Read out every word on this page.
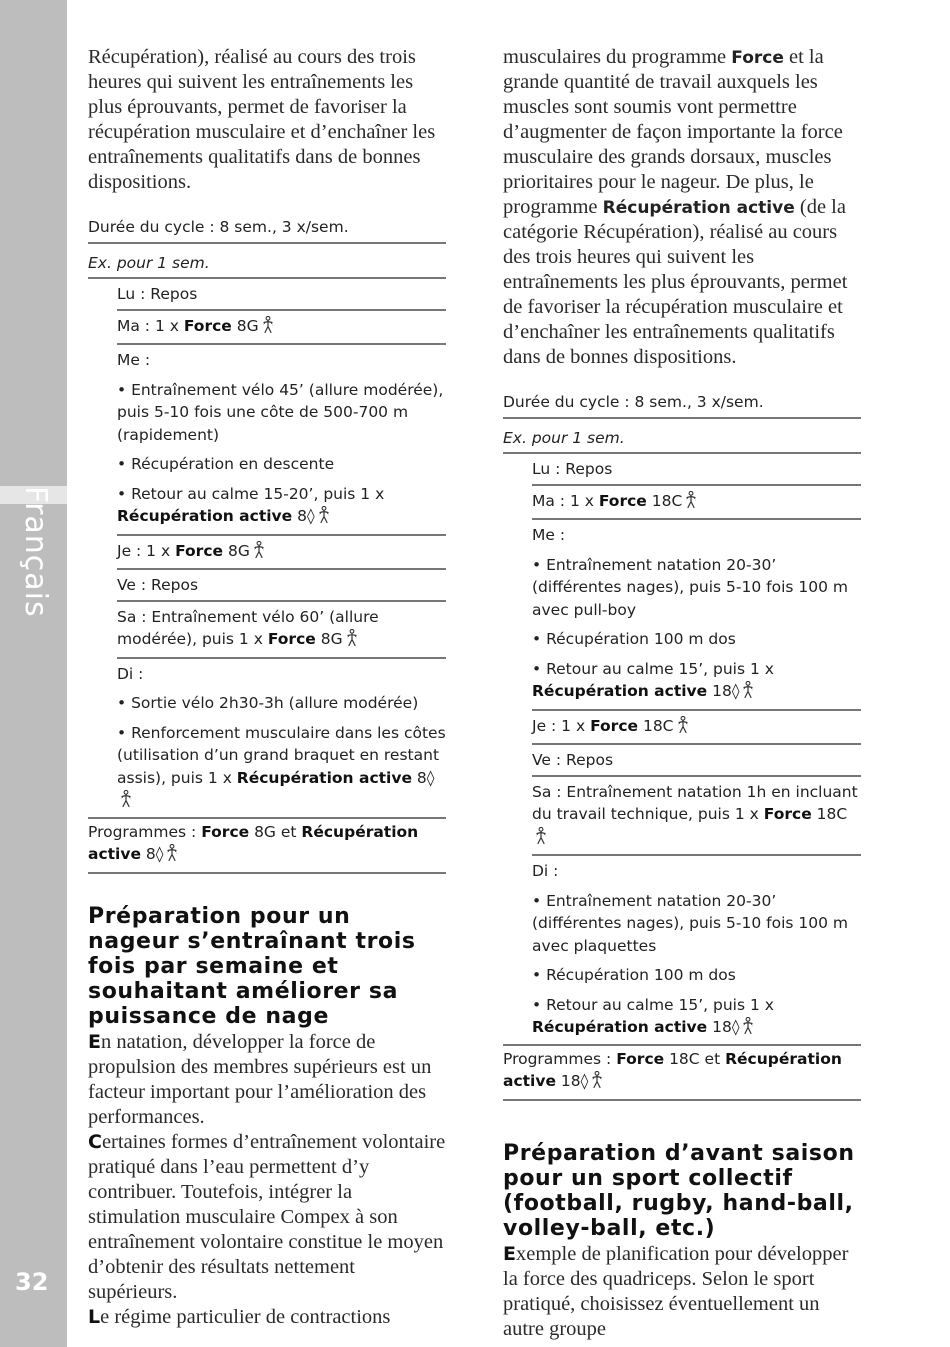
Français
32

Récupération), réalisé au cours des trois heures qui suivent les entraînements les plus éprouvants, permet de favoriser la récupération musculaire et d’enchaîner les entraînements qualitatifs dans de bonnes dispositions.

Durée du cycle : 8 sem., 3 x/sem.
Ex. pour 1 sem.
Lu : Repos
Ma : 1 x Force 8G
Me :
• Entraînement vélo 45’ (allure modérée), puis 5-10 fois une côte de 500-700 m (rapidement)
• Récupération en descente
• Retour au calme 15-20’, puis 1 x Récupération active 8◊
Je : 1 x Force 8G
Ve : Repos
Sa : Entraînement vélo 60’ (allure modérée), puis 1 x Force 8G
Di :
• Sortie vélo 2h30-3h (allure modérée)
• Renforcement musculaire dans les côtes (utilisation d’un grand braquet en restant assis), puis 1 x Récupération active 8◊
Programmes : Force 8G et Récupération active 8◊
Préparation pour un nageur s’entraînant trois fois par semaine et souhaitant améliorer sa puissance de nage

En natation, développer la force de propulsion des membres supérieurs est un facteur important pour l’amélioration des performances.

Certaines formes d’entraînement volontaire pratiqué dans l’eau permettent d’y contribuer. Toutefois, intégrer la stimulation musculaire Compex à son entraînement volontaire constitue le moyen d’obtenir des résultats nettement supérieurs.

Le régime particulier de contractions

musculaires du programme Force et la grande quantité de travail auxquels les muscles sont soumis vont permettre d’augmenter de façon importante la force musculaire des grands dorsaux, muscles prioritaires pour le nageur. De plus, le programme Récupération active (de la catégorie Récupération), réalisé au cours des trois heures qui suivent les entraînements les plus éprouvants, permet de favoriser la récupération musculaire et d’enchaîner les entraînements qualitatifs dans de bonnes dispositions.

Durée du cycle : 8 sem., 3 x/sem.
Ex. pour 1 sem.
Lu : Repos
Ma : 1 x Force 18C
Me :
• Entraînement natation 20-30’ (différentes nages), puis 5-10 fois 100 m avec pull-boy
• Récupération 100 m dos
• Retour au calme 15’, puis 1 x Récupération active 18◊
Je : 1 x Force 18C
Ve : Repos
Sa : Entraînement natation 1h en incluant du travail technique, puis 1 x Force 18C
Di :
• Entraînement natation 20-30’ (différentes nages), puis 5-10 fois 100 m avec plaquettes
• Récupération 100 m dos
• Retour au calme 15’, puis 1 x Récupération active 18◊
Programmes : Force 18C et Récupération active 18◊
Préparation d’avant saison pour un sport collectif (football, rugby, hand-ball, volley-ball, etc.)

Exemple de planification pour développer la force des quadriceps. Selon le sport pratiqué, choisissez éventuellement un autre groupe
